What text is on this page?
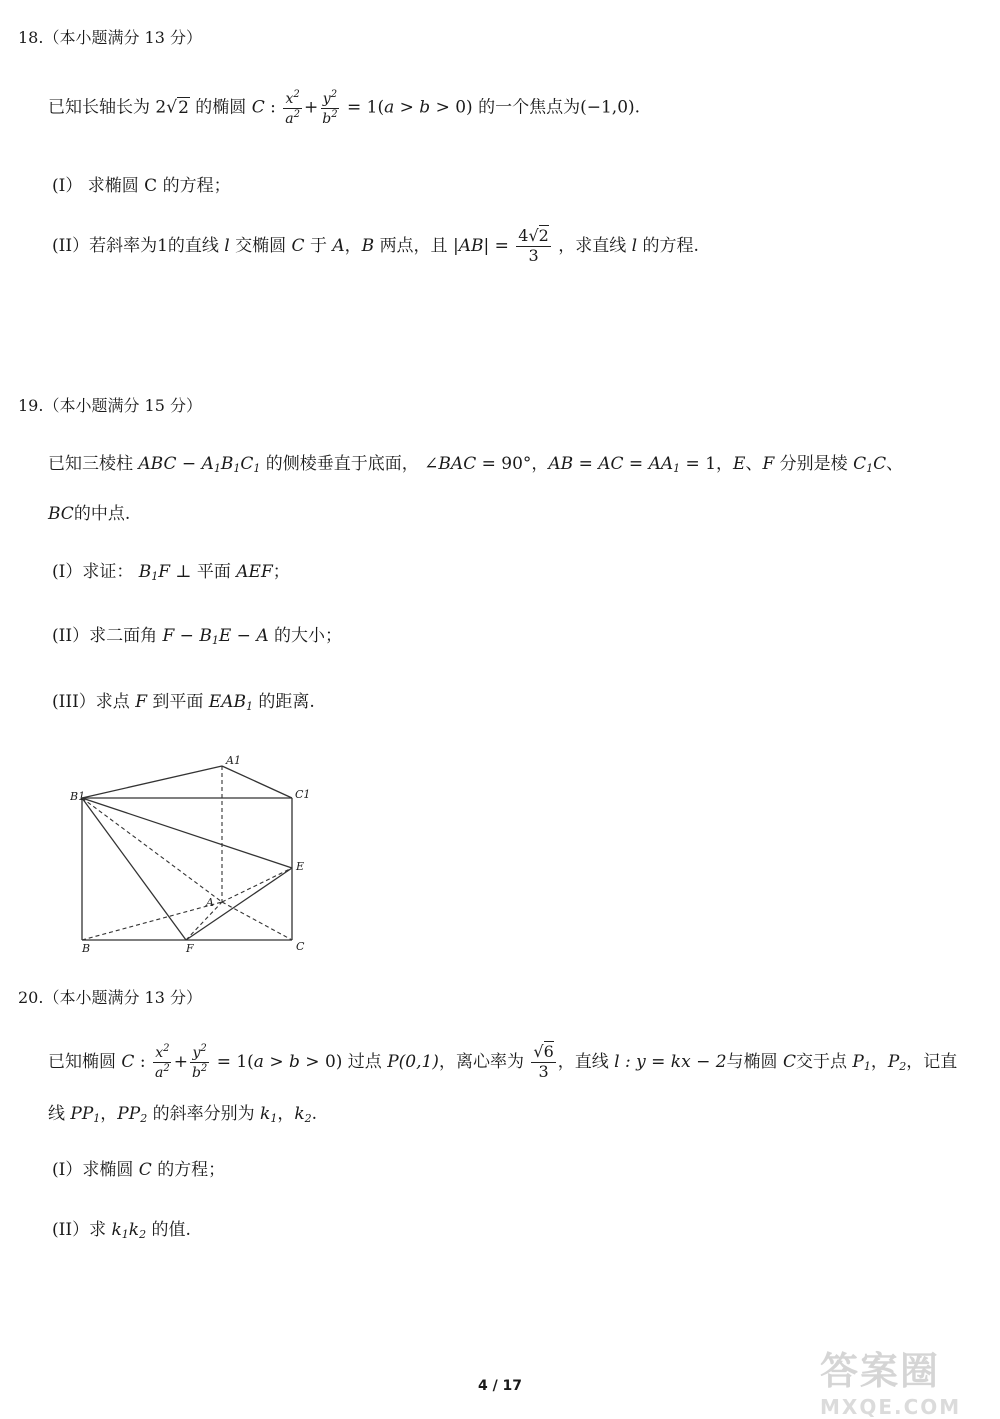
18.（本小题满分 13 分）
已知长轴长为 2√2 的椭圆 C : $\frac{x^2}{a^2} + \frac{y^2}{b^2} = 1(a > b > 0)$ 的一个焦点为(−1,0).
(I） 求椭圆 C 的方程；
(II）若斜率为1的直线 l 交椭圆 C 于 A，B 两点，且 $|AB| = \frac{4√2}{3}$ ，求直线 l 的方程.
19.（本小题满分 15 分）
已知三棱柱 ABC − $A_1B_1C_1$ 的侧棱垂直于底面， ∠BAC = 90°，AB = AC = $AA_1 = 1$，E、F 分别是棱 $C_1C$、
BC的中点.
(I）求证： $B_1F$ ⊥ 平面 AEF；
(II）求二面角 $F - B_1E - A$ 的大小；
(III）求点 F 到平面 $EAB_1$ 的距离.
A1
B1	C1
E
A
B	F	C
20.（本小题满分 13 分）
已知椭圆 C : $\frac{x^2}{a^2} + \frac{y^2}{b^2} = 1(a > b > 0)$ 过点 P(0,1)，离心率为 $\frac{√6}{3}$ ，直线 l : y = kx − 2与椭圆 C交于点 $P_1$，$P_2$，记直
线 $PP_1$，$PP_2$ 的斜率分别为 $k_1$，$k_2$.
(I）求椭圆 C 的方程；
(II）求 $k_1k_2$ 的值.
4 / 17	答案圈
MXQE.COM
